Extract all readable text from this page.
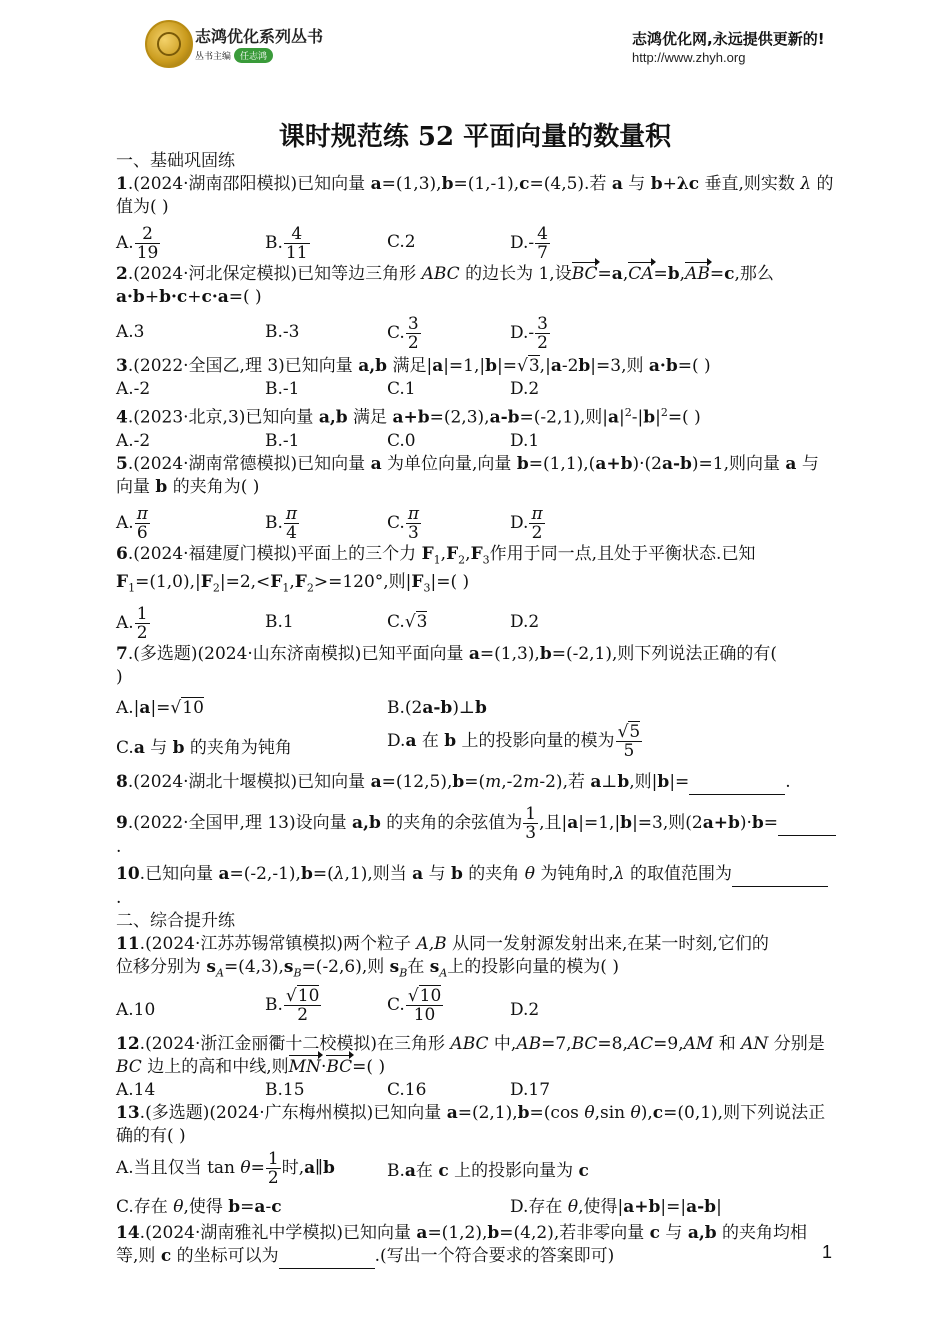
志鸿优化系列丛书
丛书主编 任志鸿
志鸿优化网,永远提供更新的!
http://www.zhyh.org
课时规范练 52 平面向量的数量积
一、基础巩固练
1.(2024·湖南邵阳模拟)已知向量 a=(1,3),b=(1,-1),c=(4,5).若 a 与 b+λc 垂直,则实数 λ 的
值为( )
A. $\frac{2}{19}$	B. $\frac{4}{11}$	C.2	$D.- \frac{4}{7}$
2.(2024·河北保定模拟)已知等边三角形 ABC 的边长为 1,设BC=a,CA=b,AB=c,那么
a·b+b·c+c·a=( )
A.3	B.-3	C. $\frac{3}{2}$	$D.- \frac{3}{2}$
3.(2022·全国乙,理 3)已知向量 a,b 满足|a|=1,|b|=√3,|a-2b|=3,则 a·b=( )
A.-2	B.-1	C.1	D.2
4.(2023·北京,3)已知向量 a,b 满足 a+b=(2,3),a-b=(-2,1),则$|a|^2-|b|^2=$( )
A.-2	B.-1	C.0	D.1
5.(2024·湖南常德模拟)已知向量 a 为单位向量,向量 b=(1,1),(a+b)·(2a-b)=1,则向量 a 与
向量 b 的夹角为( )
A. $\frac{\pi}{6}$	B. $\frac{\pi}{4}$	C. $\frac{\pi}{3}$	D. $\frac{\pi}{2}$
6.(2024·福建厦门模拟)平面上的三个力 $F_1,F_2,F_3$作用于同一点,且处于平衡状态.已知
$F_1=(1,0),|F_2|=2,<F_1,F_2>=120^\circ$,则$|F_3|=$( )
A. $\frac{1}{2}$	B.1	C.√3	D.2
7.(多选题)(2024·山东济南模拟)已知平面向量 a=(1,3),b=(-2,1),则下列说法正确的有(
)
A.|a|=√10	B.(2a-b)⊥b
C.a 与 b 的夹角为钝角	D.a 在 b 上的投影向量的模为 $\frac{√5}{5}$
8.(2024·湖北十堰模拟)已知向量 a=(12,5),b=(m,-2m-2),若 a⊥b,则|b|=	.
9.(2022·全国甲,理 13)设向量 a,b 的夹角的余弦值为 $\frac{1}{3}$ ,且|a|=1,|b|=3,则(2a+b)·b=
.
10.已知向量 a=(-2,-1),b=(λ,1),则当 a 与 b 的夹角 θ 为钝角时,λ 的取值范围为
.
二、综合提升练
11.(2024·江苏苏锡常镇模拟)两个粒子 A,B 从同一发射源发射出来,在某一时刻,它们的
位移分别为 $s_A=(4,3),s_B=(-2,6)$,则 $s_B$在 $s_A$上的投影向量的模为( )
A.10	B. $\frac{√10}{2}$	C. $\frac{√10}{10}$	D.2
12.(2024·浙江金丽衢十二校模拟)在三角形 ABC 中,AB=7,BC=8,AC=9,AM 和 AN 分别是
BC 边上的高和中线,则MN·BC=( )
A.14	B.15	C.16	D.17
13.(多选题)(2024·广东梅州模拟)已知向量 a=(2,1),b=(cos θ,sin θ),c=(0,1),则下列说法正
确的有( )
A.当且仅当 $\tan \theta= \frac{1}{2}$ 时,a∥b	B.a在 c 上的投影向量为 c
C.存在 θ,使得 b=a-c	D.存在 θ,使得|a+b|=|a-b|
14.(2024·湖南雅礼中学模拟)已知向量 a=(1,2),b=(4,2),若非零向量 c 与 a,b 的夹角均相
等,则 c 的坐标可以为	.(写出一个符合要求的答案即可)	1
